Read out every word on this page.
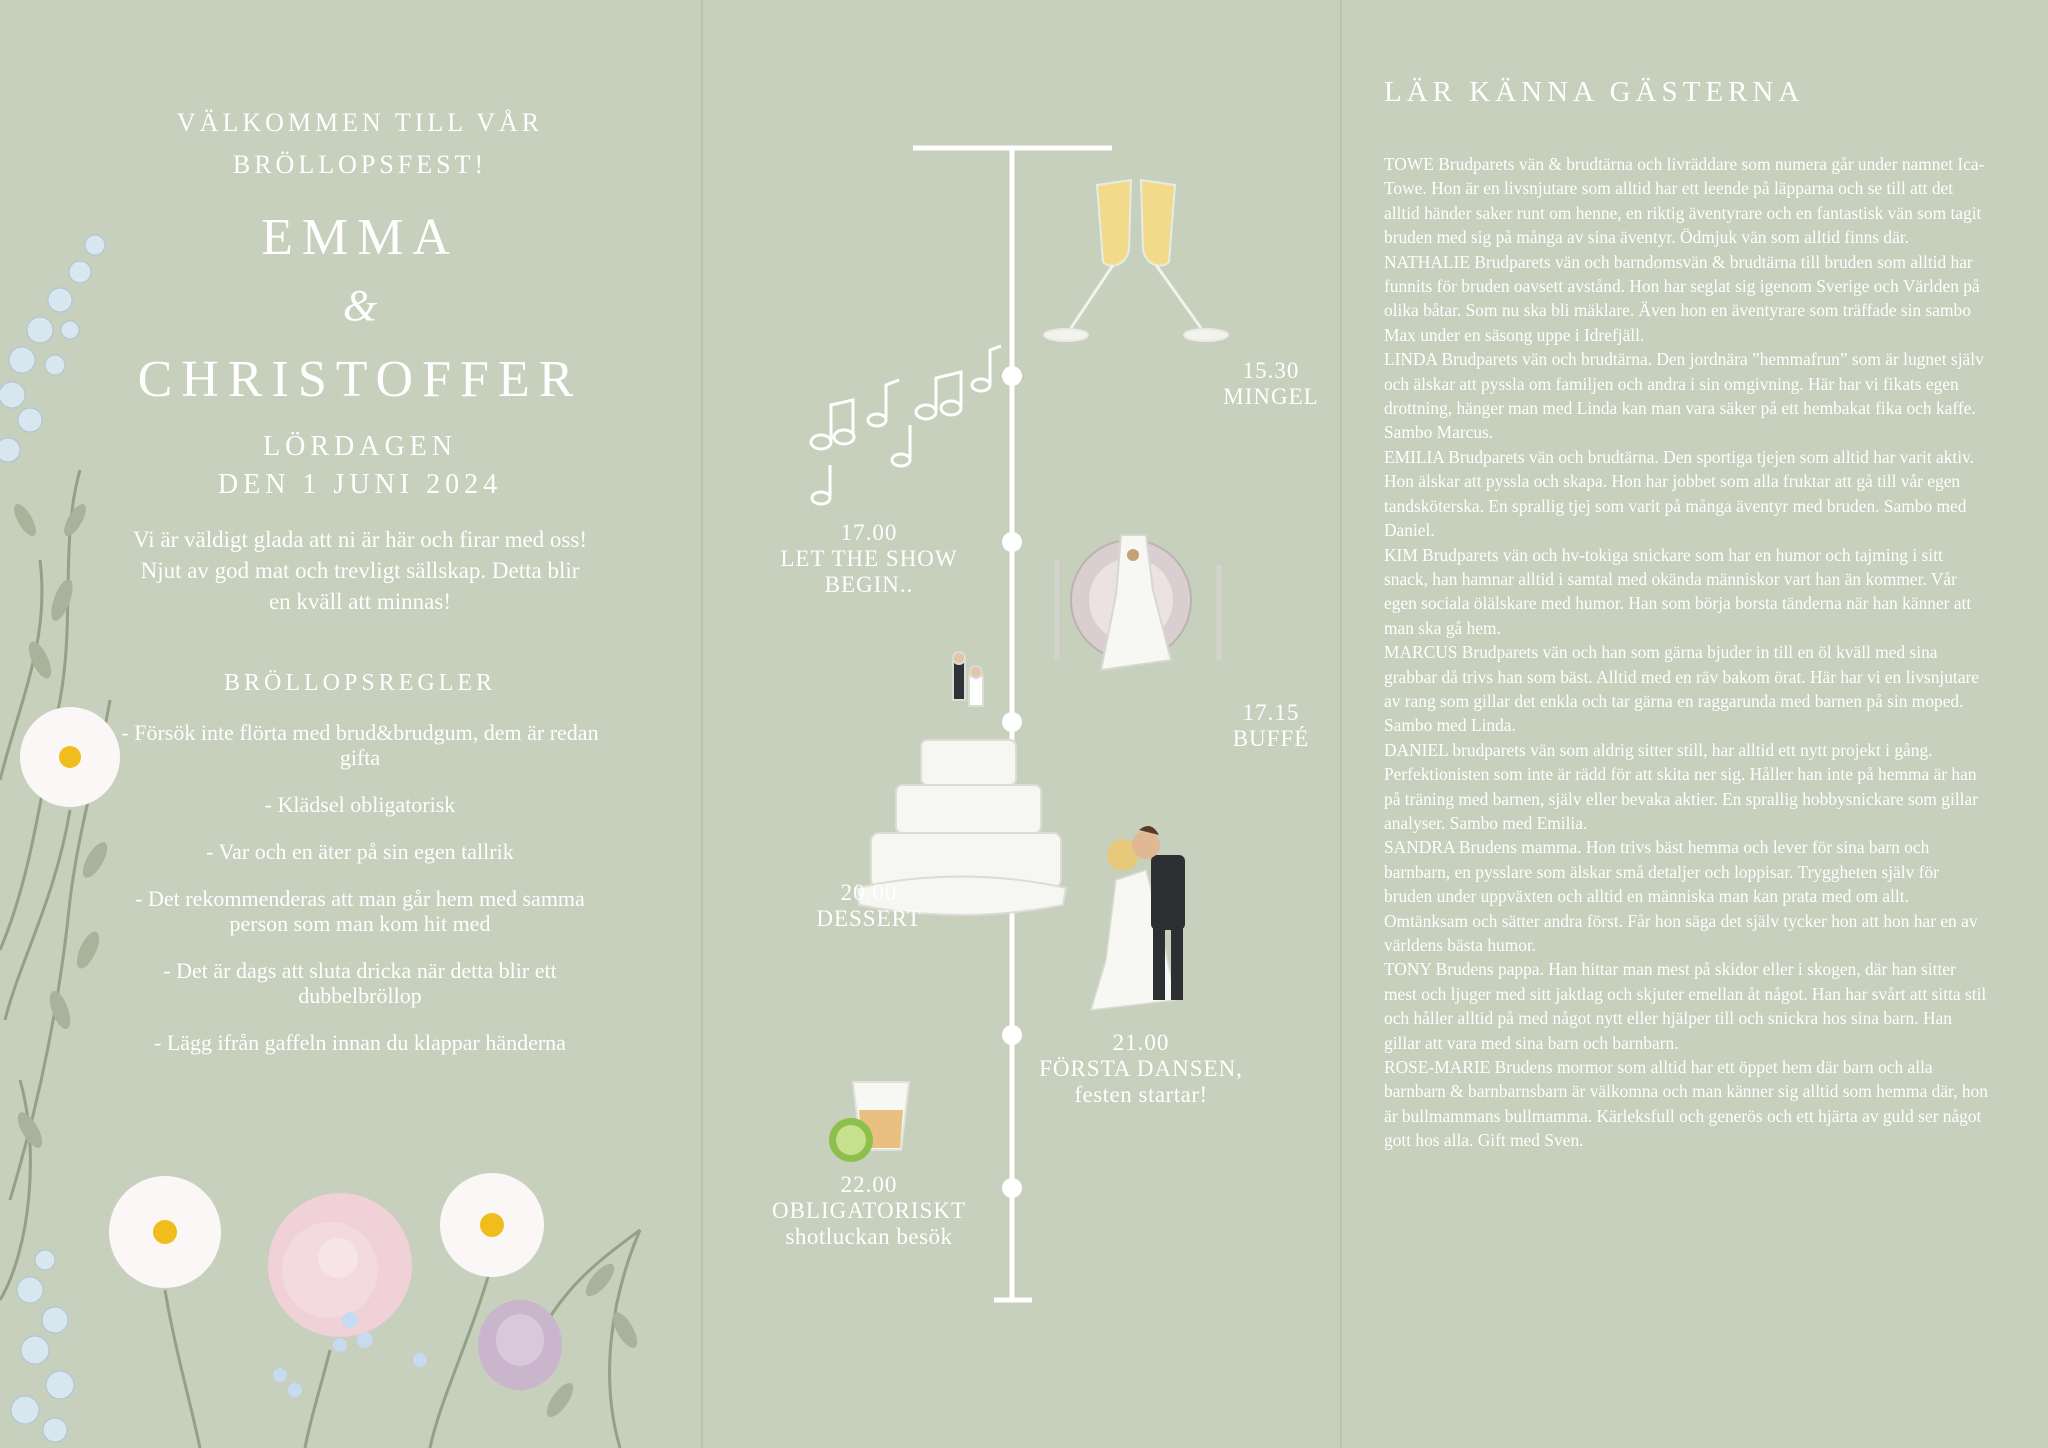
VÄLKOMMEN TILL VÅR
BRÖLLOPSFEST!
EMMA
&
CHRISTOFFER
LÖRDAGEN
DEN 1 JUNI 2024
Vi är väldigt glada att ni är här och firar med oss! Njut av god mat och trevligt sällskap. Detta blir en kväll att minnas!
BRÖLLOPSREGLER
- Försök inte flörta med brud&brudgum, dem är redan gifta
- Klädsel obligatorisk
- Var och en äter på sin egen tallrik
- Det rekommenderas att man går hem med samma person som man kom hit med
- Det är dags att sluta dricka när detta blir ett dubbelbröllop
- Lägg ifrån gaffeln innan du klappar händerna
15.30
MINGEL
17.00
LET THE SHOW BEGIN..
17.15
BUFFÉ
20.00
DESSERT
21.00
FÖRSTA DANSEN,
festen startar!
22.00
OBLIGATORISKT
shotluckan besök
LÄR KÄNNA GÄSTERNA

TOWE Brudparets vän & brudtärna och livräddare som numera går under namnet Ica-Towe. Hon är en livsnjutare som alltid har ett leende på läpparna och se till att det alltid händer saker runt om henne, en riktig äventyrare och en fantastisk vän som tagit bruden med sig på många av sina äventyr. Ödmjuk vän som alltid finns där.

NATHALIE Brudparets vän och barndomsvän & brudtärna till bruden som alltid har funnits för bruden oavsett avstånd. Hon har seglat sig igenom Sverige och Världen på olika båtar. Som nu ska bli mäklare. Även hon en äventyrare som träffade sin sambo Max under en säsong uppe i Idrefjäll.

LINDA Brudparets vän och brudtärna. Den jordnära ”hemmafrun” som är lugnet själv och älskar att pyssla om familjen och andra i sin omgivning. Här har vi fikats egen drottning, hänger man med Linda kan man vara säker på ett hembakat fika och kaffe. Sambo Marcus.

EMILIA Brudparets vän och brudtärna. Den sportiga tjejen som alltid har varit aktiv. Hon älskar att pyssla och skapa. Hon har jobbet som alla fruktar att gå till vår egen tandsköterska. En sprallig tjej som varit på många äventyr med bruden. Sambo med Daniel.

KIM Brudparets vän och hv-tokiga snickare som har en humor och tajming i sitt snack, han hamnar alltid i samtal med okända människor vart han än kommer. Vår egen sociala ölälskare med humor. Han som börja borsta tänderna när han känner att man ska gå hem.

MARCUS Brudparets vän och han som gärna bjuder in till en öl kväll med sina grabbar då trivs han som bäst. Alltid med en räv bakom örat. Här har vi en livsnjutare av rang som gillar det enkla och tar gärna en raggarunda med barnen på sin moped. Sambo med Linda.

DANIEL brudparets vän som aldrig sitter still, har alltid ett nytt projekt i gång. Perfektionisten som inte är rädd för att skita ner sig. Håller han inte på hemma är han på träning med barnen, själv eller bevaka aktier. En sprallig hobbysnickare som gillar analyser. Sambo med Emilia.

SANDRA Brudens mamma. Hon trivs bäst hemma och lever för sina barn och barnbarn, en pysslare som älskar små detaljer och loppisar. Tryggheten själv för bruden under uppväxten och alltid en människa man kan prata med om allt. Omtänksam och sätter andra först. Får hon säga det själv tycker hon att hon har en av världens bästa humor.

TONY Brudens pappa. Han hittar man mest på skidor eller i skogen, där han sitter mest och ljuger med sitt jaktlag och skjuter emellan åt något. Han har svårt att sitta stil och håller alltid på med något nytt eller hjälper till och snickra hos sina barn. Han gillar att vara med sina barn och barnbarn.

ROSE-MARIE Brudens mormor som alltid har ett öppet hem där barn och alla barnbarn & barnbarnsbarn är välkomna och man känner sig alltid som hemma där, hon är bullmammans bullmamma. Kärleksfull och generös och ett hjärta av guld ser något gott hos alla. Gift med Sven.
